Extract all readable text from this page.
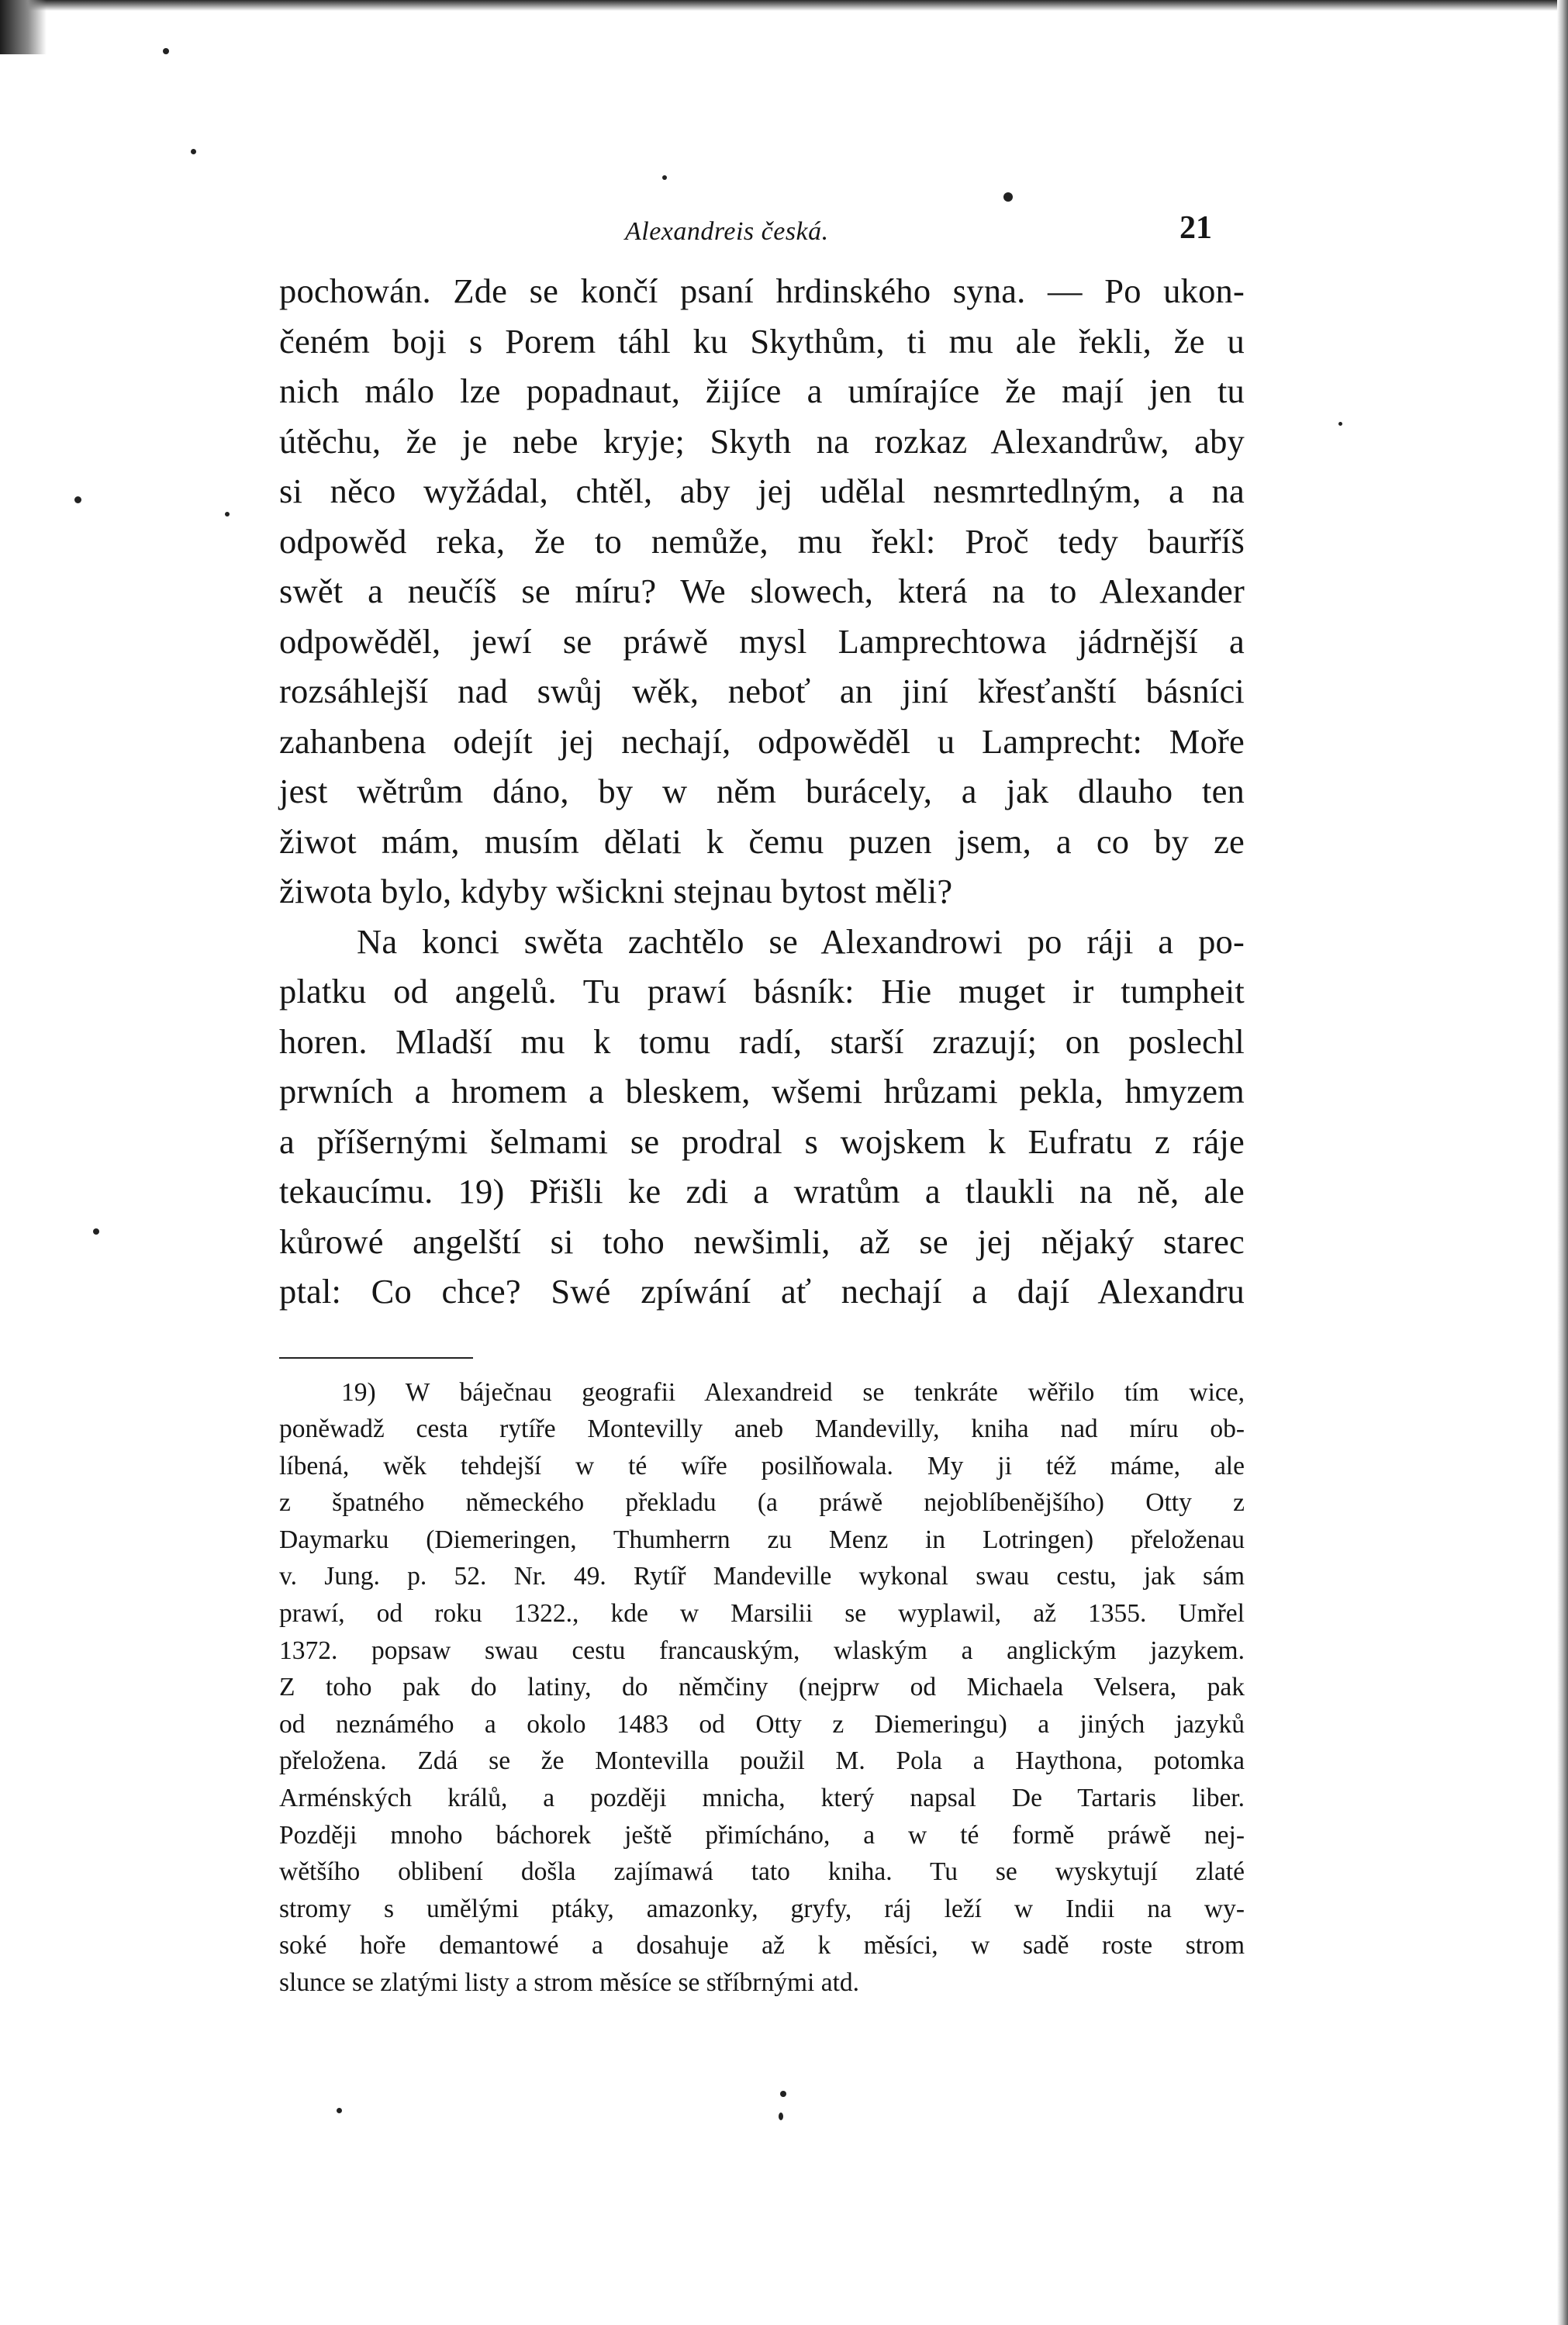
Alexandreis česká.	21
pochowán. Zde se končí psaní hrdinského syna. — Po ukon-
čeném boji s Porem táhl ku Skythům, ti mu ale řekli, že u
nich málo lze popadnaut, žijíce a umírajíce že mají jen tu
útěchu, že je nebe kryje; Skyth na rozkaz Alexandrůw, aby
si něco wyžádal, chtěl, aby jej udělal nesmrtedlným, a na
odpowěd reka, že to nemůže, mu řekl: Proč tedy baurříš
swět a neučíš se míru? We slowech, která na to Alexander
odpowěděl, jewí se práwě mysl Lamprechtowa jádrnější a
rozsáhlejší nad swůj wěk, neboť an jiní křesťanští básníci
zahanbena odejít jej nechají, odpowěděl u Lamprecht: Moře
jest wětrům dáno, by w něm burácely, a jak dlauho ten
žiwot mám, musím dělati k čemu puzen jsem, a co by ze
žiwota bylo, kdyby wšickni stejnau bytost měli?
Na konci swěta zachtělo se Alexandrowi po ráji a po-
platku od angelů. Tu prawí básník: Hie muget ir tumpheit
horen. Mladší mu k tomu radí, starší zrazují; on poslechl
prwních a hromem a bleskem, wšemi hrůzami pekla, hmyzem
a příšernými šelmami se prodral s wojskem k Eufratu z ráje
tekaucímu. 19) Přišli ke zdi a wratům a tlaukli na ně, ale
kůrowé angelští si toho newšimli, až se jej nějaký starec
ptal: Co chce? Swé zpíwání ať nechají a dají Alexandru
19) W báječnau geografii Alexandreid se tenkráte wěřilo tím wice,
poněwadž cesta rytíře Montevilly aneb Mandevilly, kniha nad míru ob-
líbená, wěk tehdejší w té wíře posilňowala. My ji též máme, ale
z špatného německého překladu (a práwě nejoblíbenějšího) Otty z
Daymarku (Diemeringen, Thumherrn zu Menz in Lotringen) přeloženau
v. Jung. p. 52. Nr. 49. Rytíř Mandeville wykonal swau cestu, jak sám
prawí, od roku 1322., kde w Marsilii se wyplawil, až 1355. Umřel
1372. popsaw swau cestu francauským, wlaským a anglickým jazykem.
Z toho pak do latiny, do němčiny (nejprw od Michaela Velsera, pak
od neznámého a okolo 1483 od Otty z Diemeringu) a jiných jazyků
přeložena. Zdá se že Montevilla použil M. Pola a Haythona, potomka
Arménských králů, a později mnicha, který napsal De Tartaris liber.
Později mnoho báchorek ještě přimícháno, a w té formě práwě nej-
wětšího oblibení došla zajímawá tato kniha. Tu se wyskytují zlaté
stromy s umělými ptáky, amazonky, gryfy, ráj leží w Indii na wy-
soké hoře demantowé a dosahuje až k měsíci, w sadě roste strom
slunce se zlatými listy a strom měsíce se stříbrnými atd.
